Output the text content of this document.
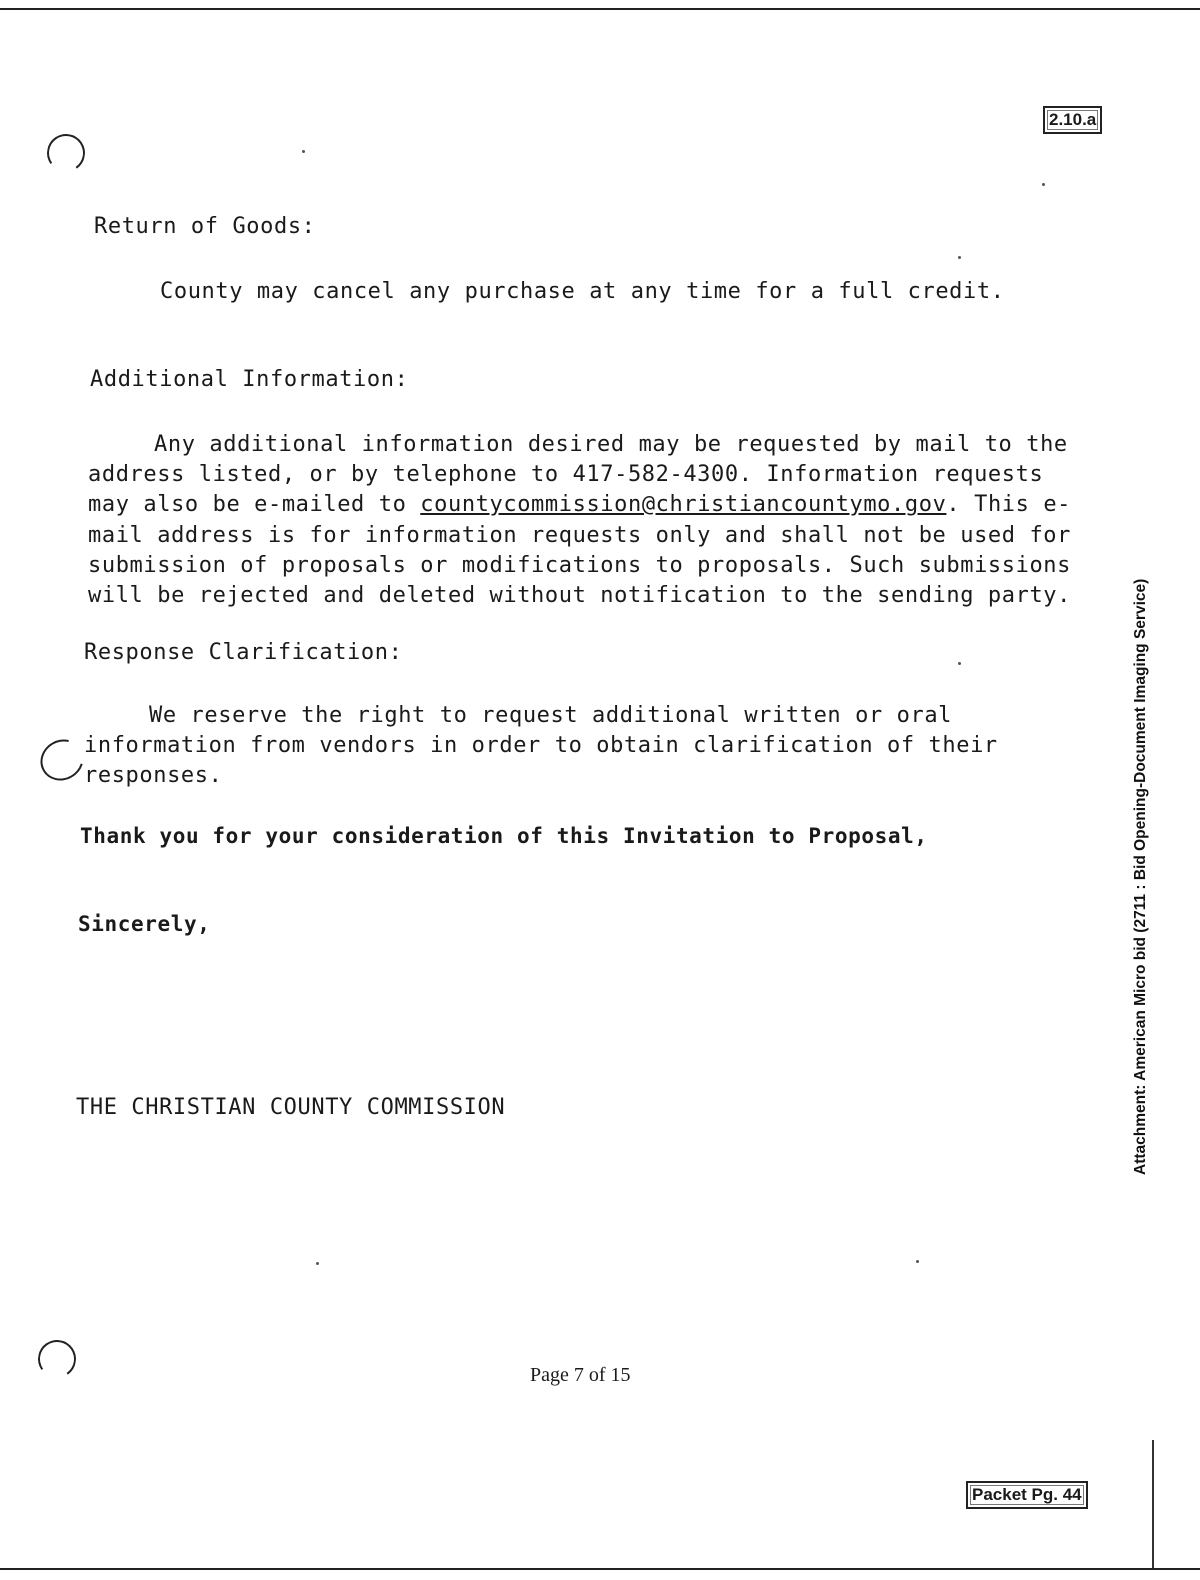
2.10.a
Return of Goods:
County may cancel any purchase at any time for a full credit.
Additional Information:
Any additional information desired may be requested by mail to the
address listed, or by telephone to 417-582-4300. Information requests
may also be e-mailed to countycommission@christiancountymo.gov. This e-
mail address is for information requests only and shall not be used for
submission of proposals or modifications to proposals. Such submissions
will be rejected and deleted without notification to the sending party.
Response Clarification:
We reserve the right to request additional written or oral
information from vendors in order to obtain clarification of their
responses.
Thank you for your consideration of this Invitation to Proposal,
Sincerely,
THE CHRISTIAN COUNTY COMMISSION
Page 7 of 15
Attachment: American Micro bid (2711 : Bid Opening-Document Imaging Service)
Packet Pg. 44
